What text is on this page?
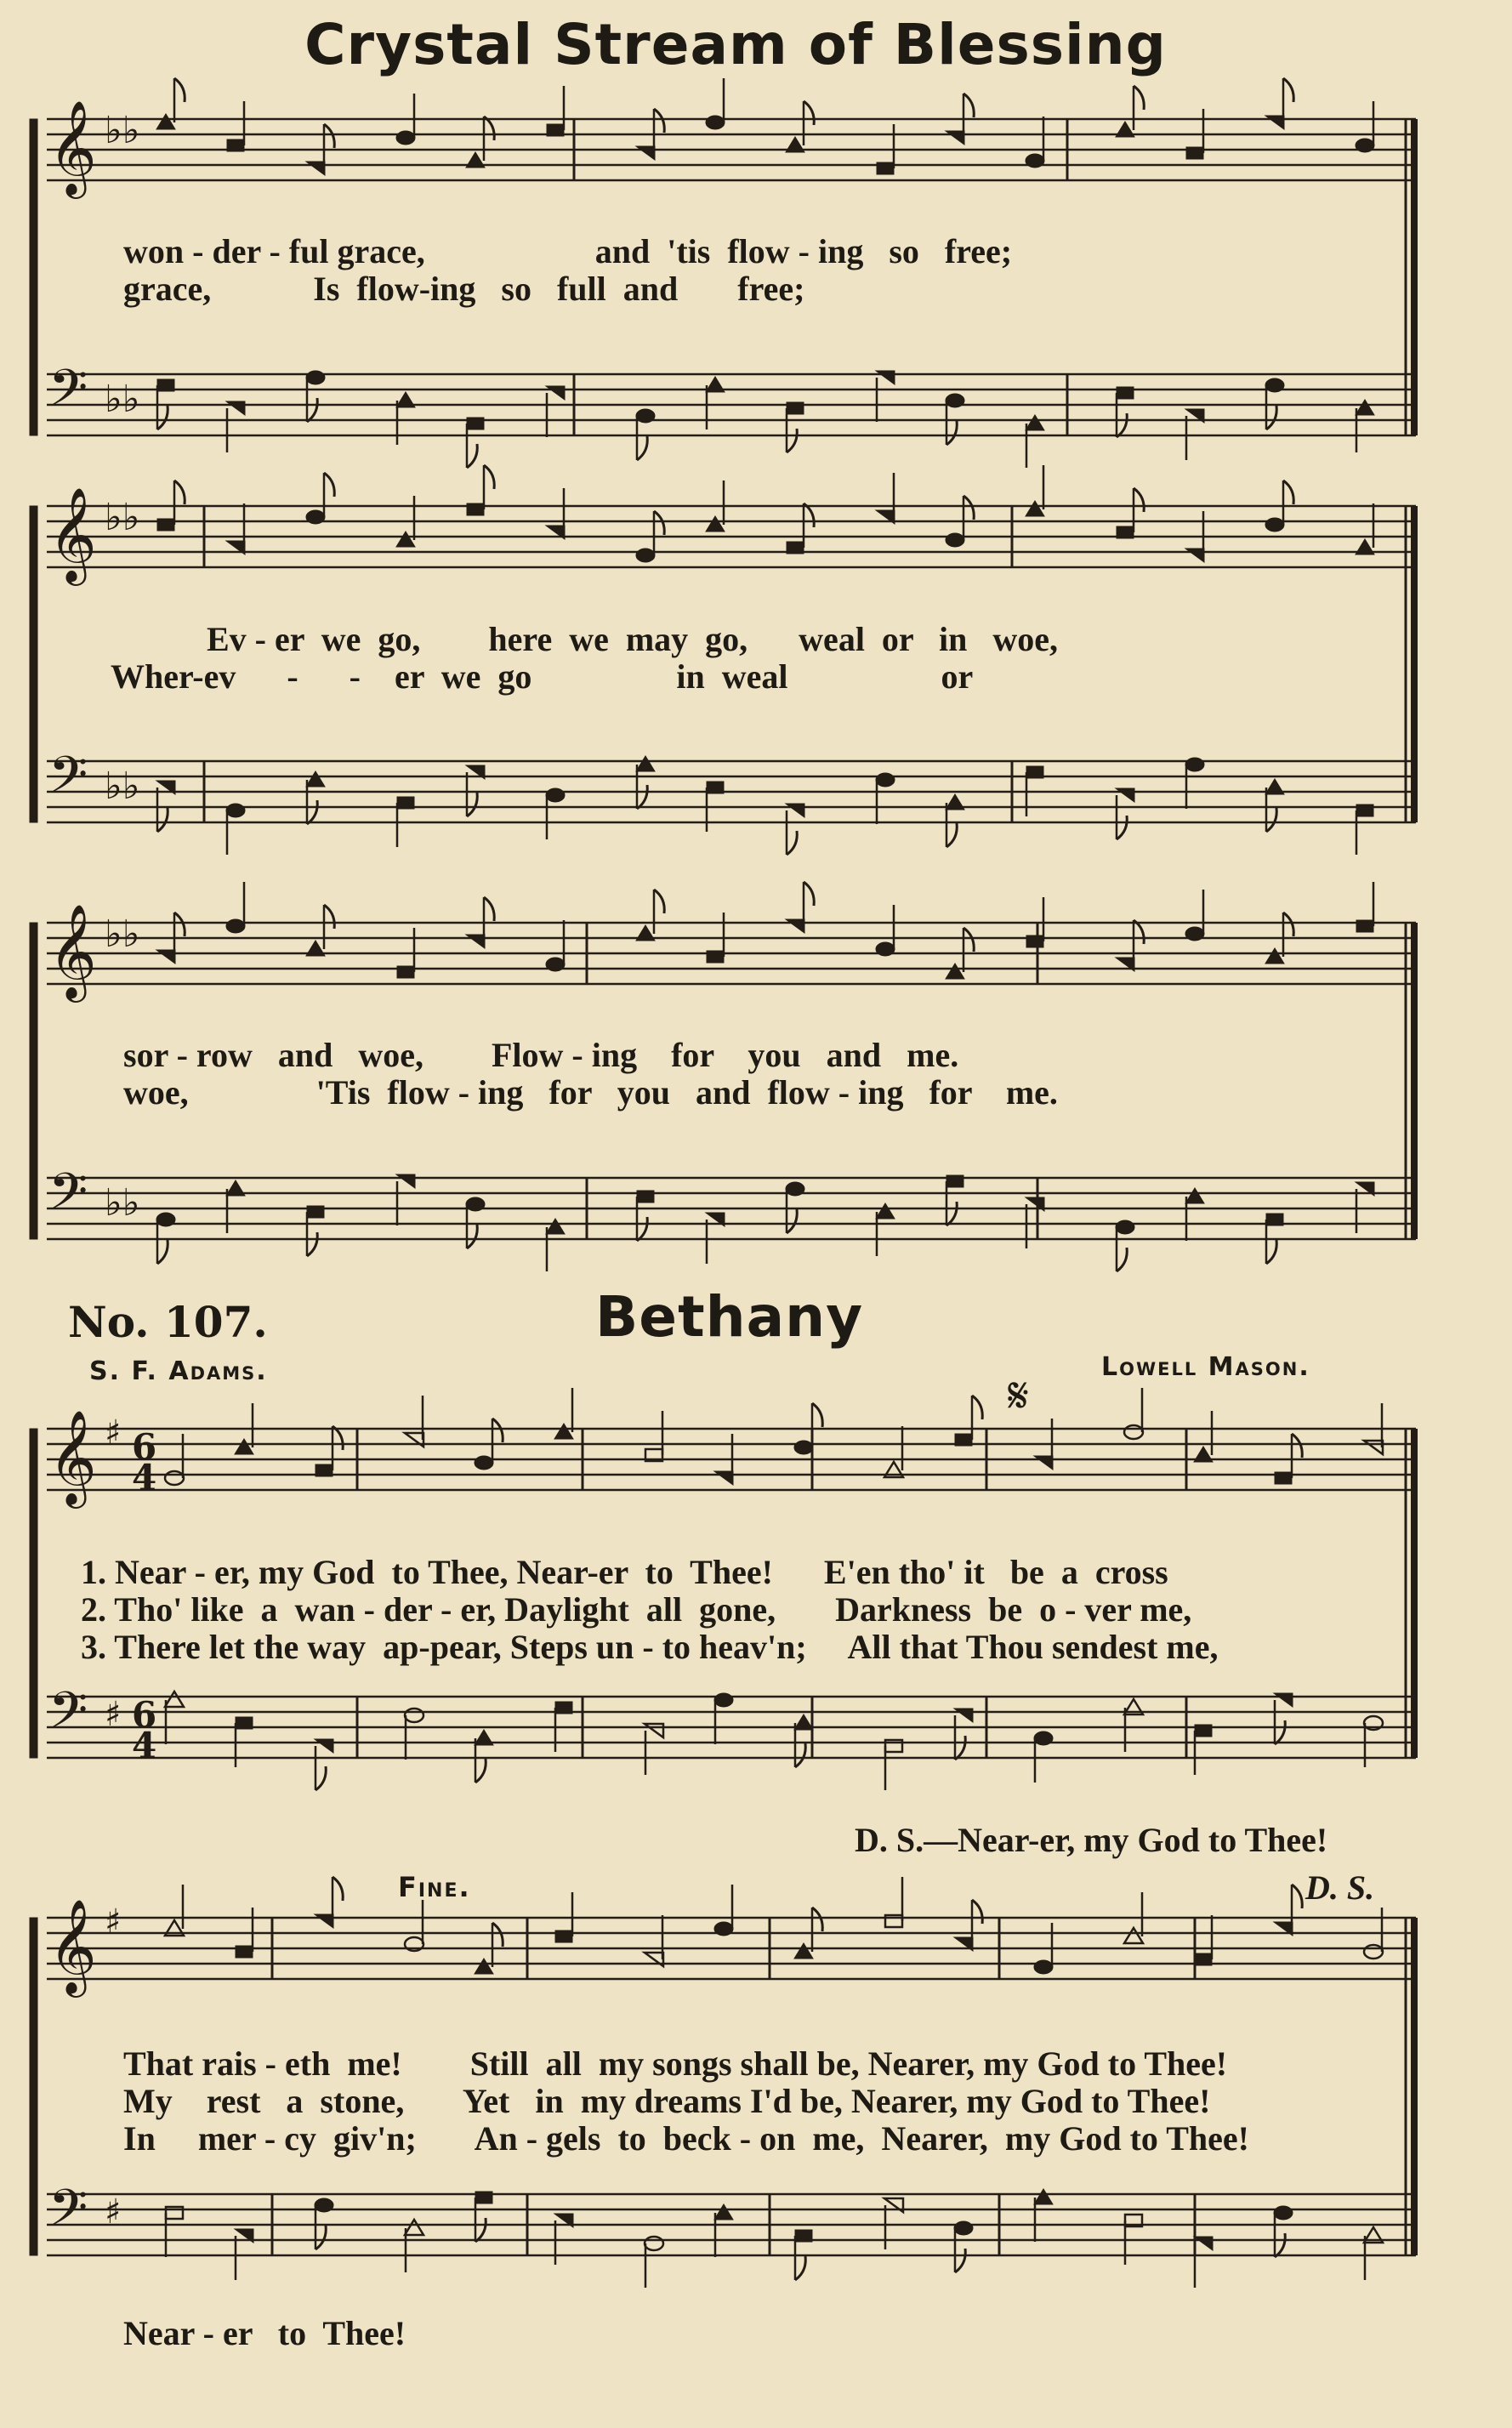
Crystal Stream of Blessing
No. 107.	Bethany
S. F. Adams.	Lowell Mason.
𝄞 ♭♭
𝄢 ♭♭
𝄞 ♭♭
𝄢 ♭♭
𝄞 ♭♭
𝄢 ♭♭
𝄞 ♯ 6
4
𝄢 ♯ 6
4
𝄞 ♯
𝄢 ♯
won - der - ful grace,                    and  'tis  flow - ing   so   free;
grace,            Is  flow-ing   so   full  and       free;
Ev - er  we  go,        here  we  may  go,      weal  or   in   woe,
Wher-ev      -      -    er  we  go                 in  weal                  or
sor - row   and   woe,        Flow - ing    for    you   and   me.
woe,               'Tis  flow - ing   for   you   and  flow - ing   for    me.
𝄋
1. Near - er, my God  to Thee, Near-er  to  Thee!      E'en tho' it   be  a  cross
2. Tho' like  a  wan - der - er, Daylight  all  gone,       Darkness  be  o - ver me,
3. There let the way  ap-pear, Steps un - to heav'n;     All that Thou sendest me,
D. S.—Near-er, my God to Thee!
Fine.	D. S.
That rais - eth  me!        Still  all  my songs shall be, Nearer, my God to Thee!
My    rest   a  stone,       Yet   in  my dreams I'd be, Nearer, my God to Thee!
In     mer - cy  giv'n;       An - gels  to  beck - on  me,  Nearer,  my God to Thee!
Near - er   to  Thee!
